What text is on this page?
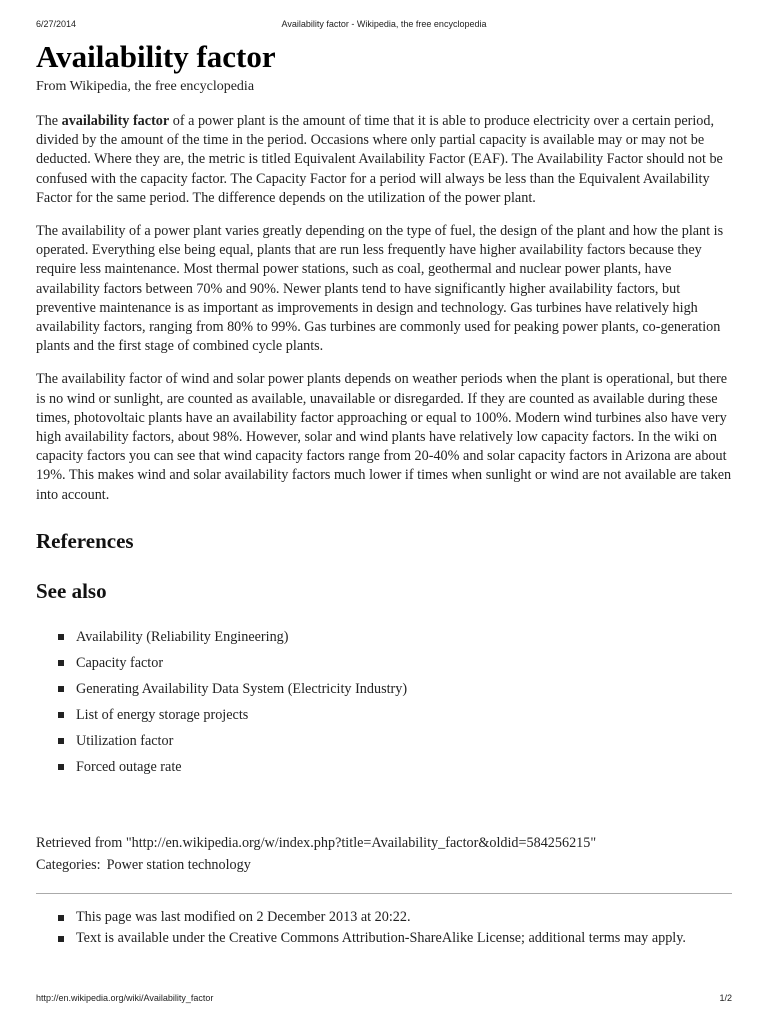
6/27/2014	Availability factor - Wikipedia, the free encyclopedia
Availability factor
From Wikipedia, the free encyclopedia

The availability factor of a power plant is the amount of time that it is able to produce electricity over a certain period, divided by the amount of the time in the period. Occasions where only partial capacity is available may or may not be deducted. Where they are, the metric is titled Equivalent Availability Factor (EAF). The Availability Factor should not be confused with the capacity factor. The Capacity Factor for a period will always be less than the Equivalent Availability Factor for the same period. The difference depends on the utilization of the power plant.

The availability of a power plant varies greatly depending on the type of fuel, the design of the plant and how the plant is operated. Everything else being equal, plants that are run less frequently have higher availability factors because they require less maintenance. Most thermal power stations, such as coal, geothermal and nuclear power plants, have availability factors between 70% and 90%. Newer plants tend to have significantly higher availability factors, but preventive maintenance is as important as improvements in design and technology. Gas turbines have relatively high availability factors, ranging from 80% to 99%. Gas turbines are commonly used for peaking power plants, co-generation plants and the first stage of combined cycle plants.

The availability factor of wind and solar power plants depends on weather periods when the plant is operational, but there is no wind or sunlight, are counted as available, unavailable or disregarded. If they are counted as available during these times, photovoltaic plants have an availability factor approaching or equal to 100%. Modern wind turbines also have very high availability factors, about 98%. However, solar and wind plants have relatively low capacity factors. In the wiki on capacity factors you can see that wind capacity factors range from 20-40% and solar capacity factors in Arizona are about 19%. This makes wind and solar availability factors much lower if times when sunlight or wind are not available are taken into account.

References
See also
Availability (Reliability Engineering)
Capacity factor
Generating Availability Data System (Electricity Industry)
List of energy storage projects
Utilization factor
Forced outage rate
Retrieved from "http://en.wikipedia.org/w/index.php?title=Availability_factor&oldid=584256215"
Categories: Power station technology
This page was last modified on 2 December 2013 at 20:22.
Text is available under the Creative Commons Attribution-ShareAlike License; additional terms may apply.
http://en.wikipedia.org/wiki/Availability_factor	1/2
